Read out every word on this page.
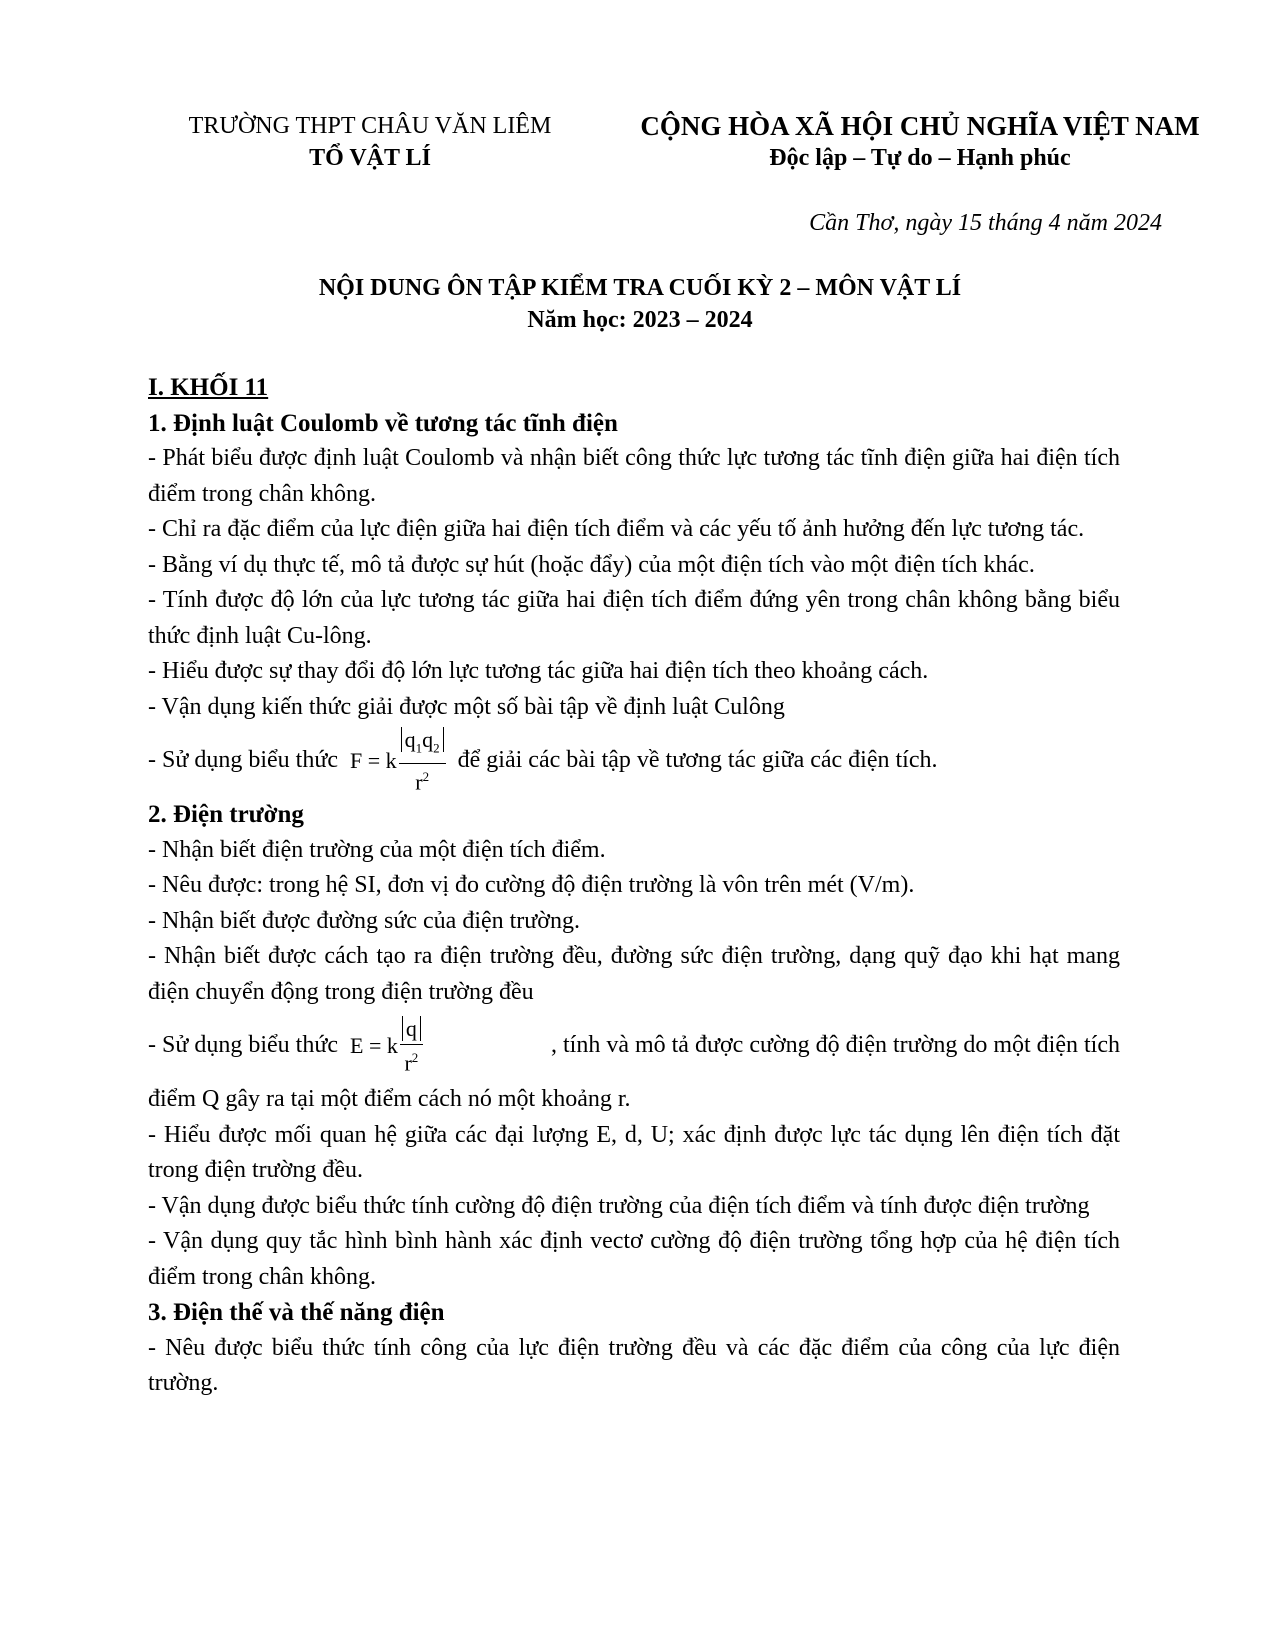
TRƯỜNG THPT CHÂU VĂN LIÊM
TỔ VẬT LÍ
CỘNG HÒA XÃ HỘI CHỦ NGHĨA VIỆT NAM
Độc lập – Tự do – Hạnh phúc
Cần Thơ, ngày 15 tháng 4 năm 2024
NỘI DUNG ÔN TẬP KIỂM TRA CUỐI KỲ 2 – MÔN VẬT LÍ
Năm học: 2023 – 2024

I. KHỐI 11

1. Định luật Coulomb về tương tác tĩnh điện

- Phát biểu được định luật Coulomb và nhận biết công thức lực tương tác tĩnh điện giữa hai điện tích điểm trong chân không.

- Chỉ ra đặc điểm của lực điện giữa hai điện tích điểm và các yếu tố ảnh hưởng đến lực tương tác.

- Bằng ví dụ thực tế, mô tả được sự hút (hoặc đẩy) của một điện tích vào một điện tích khác.

- Tính được độ lớn của lực tương tác giữa hai điện tích điểm đứng yên trong chân không bằng biểu thức định luật Cu-lông.

- Hiểu được sự thay đổi độ lớn lực tương tác giữa hai điện tích theo khoảng cách.

- Vận dụng kiến thức giải được một số bài tập về định luật Culông

- Sử dụng biểu thức F = k $\frac{q_1q_2}{r^2}$ để giải các bài tập về tương tác giữa các điện tích.

2. Điện trường

- Nhận biết điện trường của một điện tích điểm.

- Nêu được: trong hệ SI, đơn vị đo cường độ điện trường là vôn trên mét (V/m).

- Nhận biết được đường sức của điện trường.

- Nhận biết được cách tạo ra điện trường đều, đường sức điện trường, dạng quỹ đạo khi hạt mang điện chuyển động trong điện trường đều

- Sử dụng biểu thức E = k $\frac{q}{r^2}$	, tính và mô tả được cường độ điện trường do một điện tích

điểm Q gây ra tại một điểm cách nó một khoảng r.

- Hiểu được mối quan hệ giữa các đại lượng E, d, U; xác định được lực tác dụng lên điện tích đặt trong điện trường đều.

- Vận dụng được biểu thức tính cường độ điện trường của điện tích điểm và tính được điện trường

- Vận dụng quy tắc hình bình hành xác định vectơ cường độ điện trường tổng hợp của hệ điện tích điểm trong chân không.

3. Điện thế và thế năng điện

- Nêu được biểu thức tính công của lực điện trường đều và các đặc điểm của công của lực điện trường.
